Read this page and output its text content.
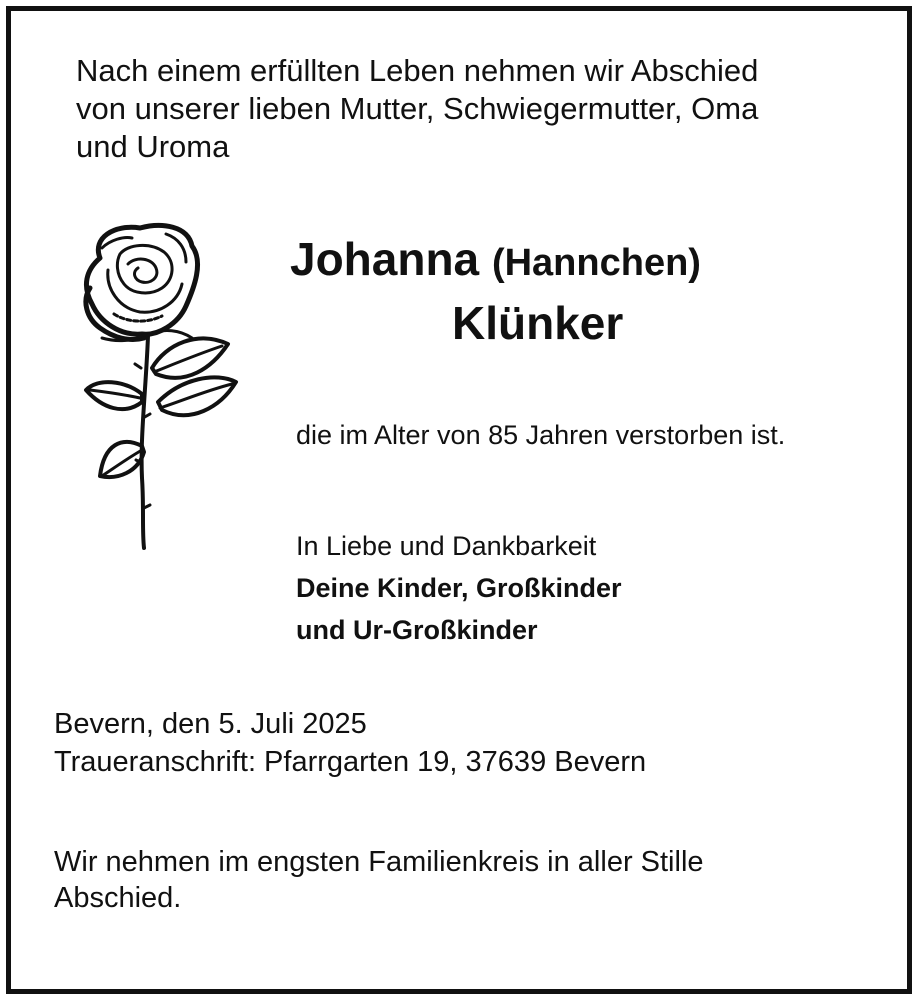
Nach einem erfüllten Leben nehmen wir Abschied
von unserer lieben Mutter, Schwiegermutter, Oma
und Uroma
Johanna (Hannchen)
Klünker
die im Alter von 85 Jahren verstorben ist.
In Liebe und Dankbarkeit
Deine Kinder, Großkinder
und Ur-Großkinder
Bevern, den 5. Juli 2025
Traueranschrift: Pfarrgarten 19, 37639 Bevern
Wir nehmen im engsten Familienkreis in aller Stille
Abschied.
